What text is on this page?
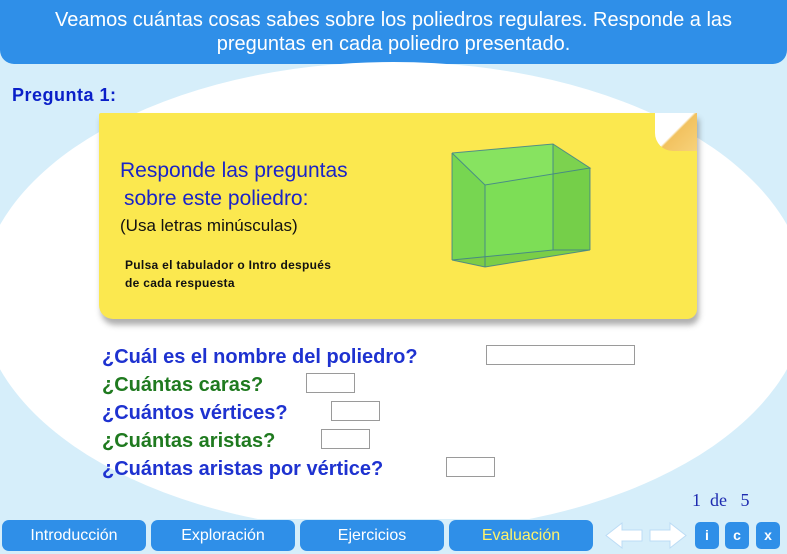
Veamos cuántas cosas sabes sobre los poliedros regulares. Responde a las
preguntas en cada poliedro presentado.
Pregunta 1:
Responde las preguntas
sobre este poliedro:
(Usa letras minúsculas)
Pulsa el tabulador o Intro después
de cada respuesta
¿Cuál es el nombre del poliedro?
¿Cuántas caras?
¿Cuántos vértices?
¿Cuántas aristas?
¿Cuántas aristas por vértice?
1  de   5
Introducción	Exploración	Ejercicios	Evaluación	i	c	x
